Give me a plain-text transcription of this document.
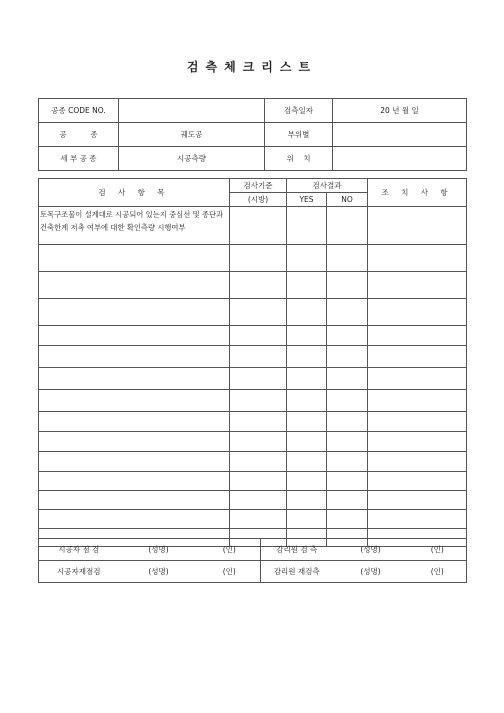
검측체크리스트
공종 CODE NO.		검측일자	20 년 월 일
공          종	궤도공	부위별	
세 부 공 종	시공측량	위    치	
검 사 항 목	검사기준	검사결과		조 치 사 항
	(시방)	YES	NO	
토목구조물이 설계대로 시공되어 있는지 중심선 및 종단과 건축한계 저촉 여부에 대한 확인측량 시행여부				

시공자 점 검	(성명)	(인)	감리원 검 측	(성명)	(인)
시공자재점검	(성명)	(인)	감리원 재검측	(성명)	(인)
